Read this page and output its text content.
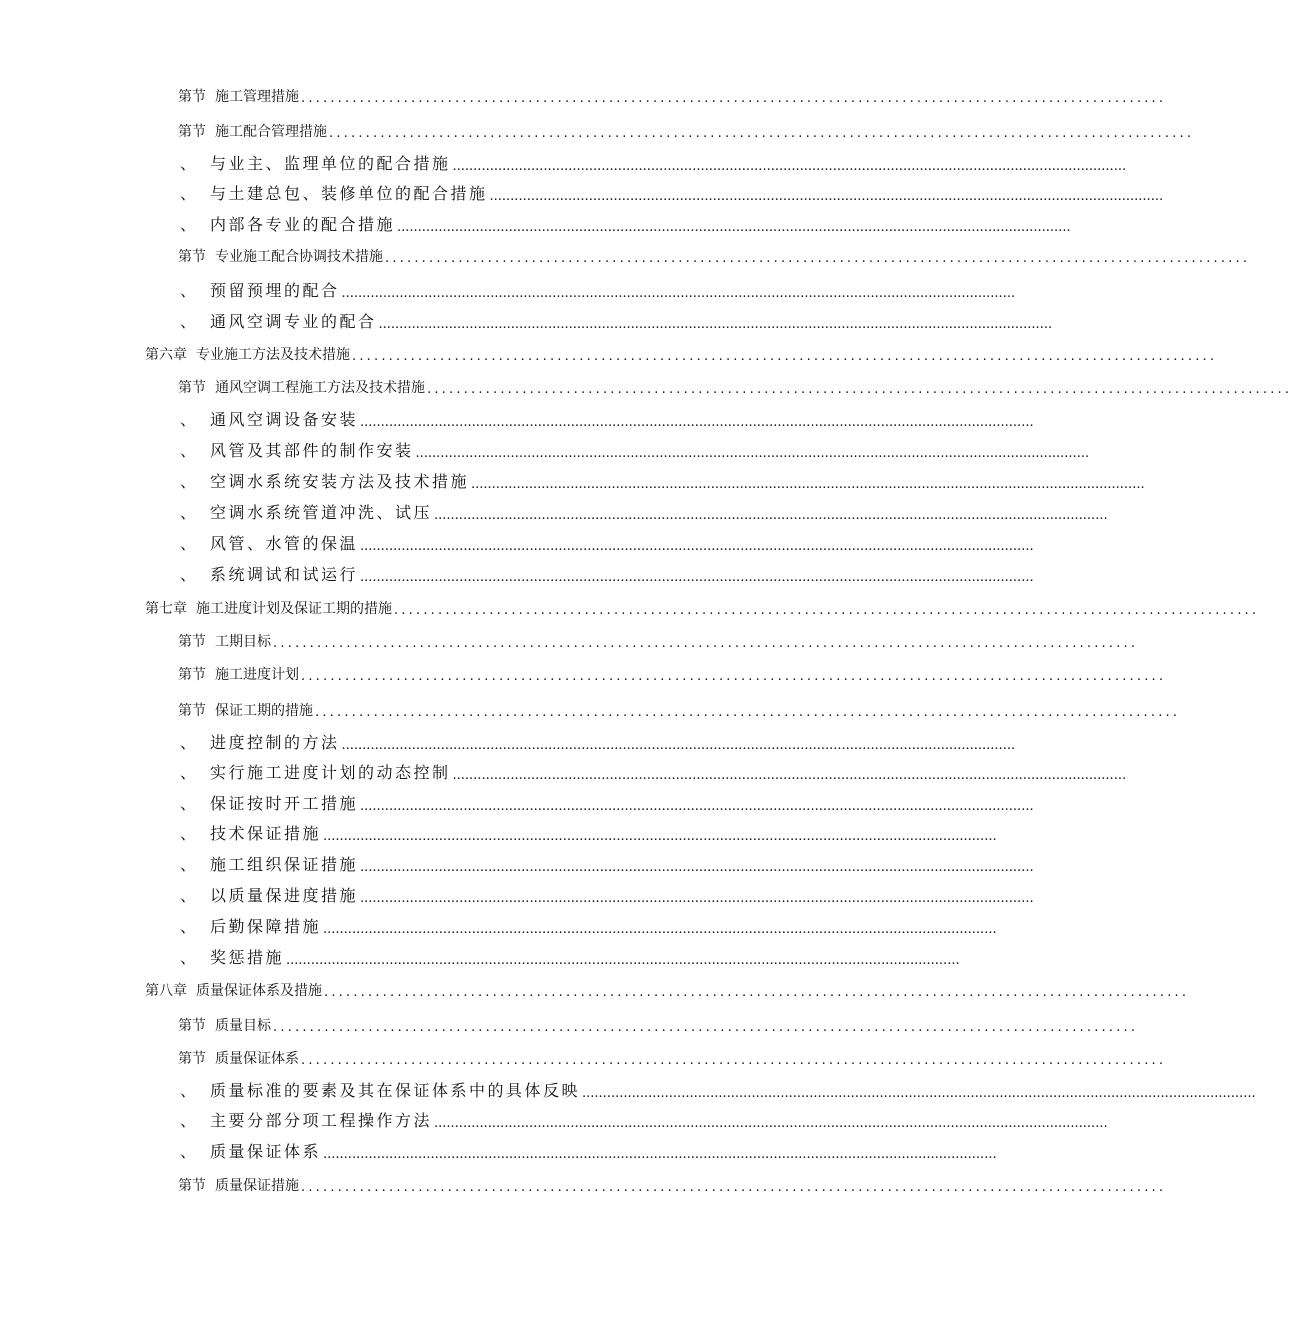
第节 施工管理措施 ......................................................................................................................
第节 施工配合管理措施 ......................................................................................................................
、 与业主、监理单位的配合措施 ...................................................................................................................................................................
、 与土建总包、装修单位的配合措施 ...................................................................................................................................................................
、 内部各专业的配合措施 ...................................................................................................................................................................
第节 专业施工配合协调技术措施 ......................................................................................................................
、 预留预埋的配合 ...................................................................................................................................................................
、 通风空调专业的配合 ...................................................................................................................................................................
第六章 专业施工方法及技术措施 ......................................................................................................................
第节 通风空调工程施工方法及技术措施 ......................................................................................................................
、 通风空调设备安装 ...................................................................................................................................................................
、 风管及其部件的制作安装 ...................................................................................................................................................................
、 空调水系统安装方法及技术措施 ...................................................................................................................................................................
、 空调水系统管道冲洗、试压 ...................................................................................................................................................................
、 风管、水管的保温 ...................................................................................................................................................................
、 系统调试和试运行 ...................................................................................................................................................................
第七章 施工进度计划及保证工期的措施 ......................................................................................................................
第节 工期目标 ......................................................................................................................
第节 施工进度计划 ......................................................................................................................
第节 保证工期的措施 ......................................................................................................................
、 进度控制的方法 ...................................................................................................................................................................
、 实行施工进度计划的动态控制 ...................................................................................................................................................................
、 保证按时开工措施 ...................................................................................................................................................................
、 技术保证措施 ...................................................................................................................................................................
、 施工组织保证措施 ...................................................................................................................................................................
、 以质量保进度措施 ...................................................................................................................................................................
、 后勤保障措施 ...................................................................................................................................................................
、 奖惩措施 ...................................................................................................................................................................
第八章 质量保证体系及措施 ......................................................................................................................
第节 质量目标 ......................................................................................................................
第节 质量保证体系 ......................................................................................................................
、 质量标准的要素及其在保证体系中的具体反映 ...................................................................................................................................................................
、 主要分部分项工程操作方法 ...................................................................................................................................................................
、 质量保证体系 ...................................................................................................................................................................
第节 质量保证措施 ......................................................................................................................
